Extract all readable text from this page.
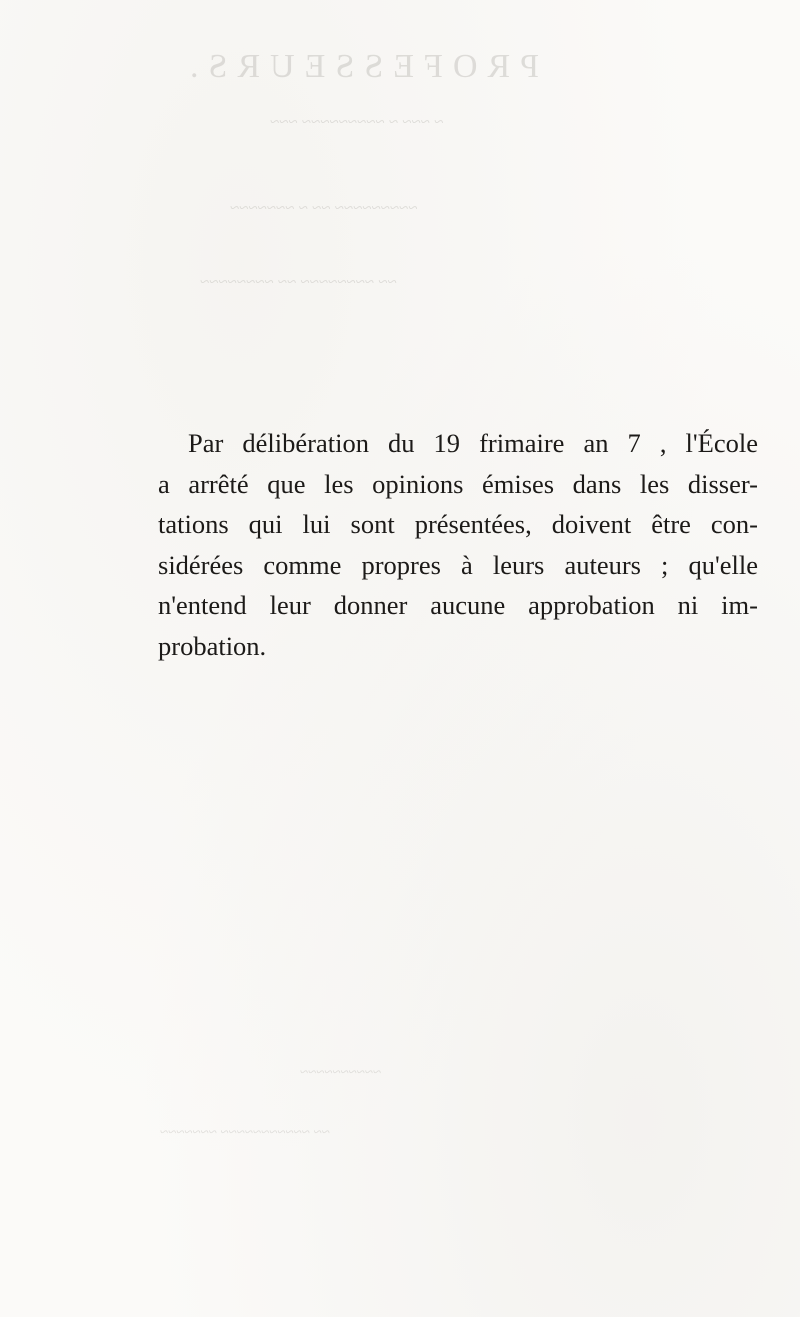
PROFESSEURS.
~ ~~~ ~ ~~~~~~~~~ ~~~
~~~~~~~~~ ~~ ~ ~~~~~~~
~~ ~~~~~~~~ ~~ ~~~~~~~~
~~~~~~~~~~
~~ ~~~~~~~~~~~ ~~~~~~~
Par délibération du 19 frimaire an 7 , l'École
a arrêté que les opinions émises dans les disser-
tations qui lui sont présentées, doivent être con-
sidérées comme propres à leurs auteurs ; qu'elle
n'entend leur donner aucune approbation ni im-
probation.
